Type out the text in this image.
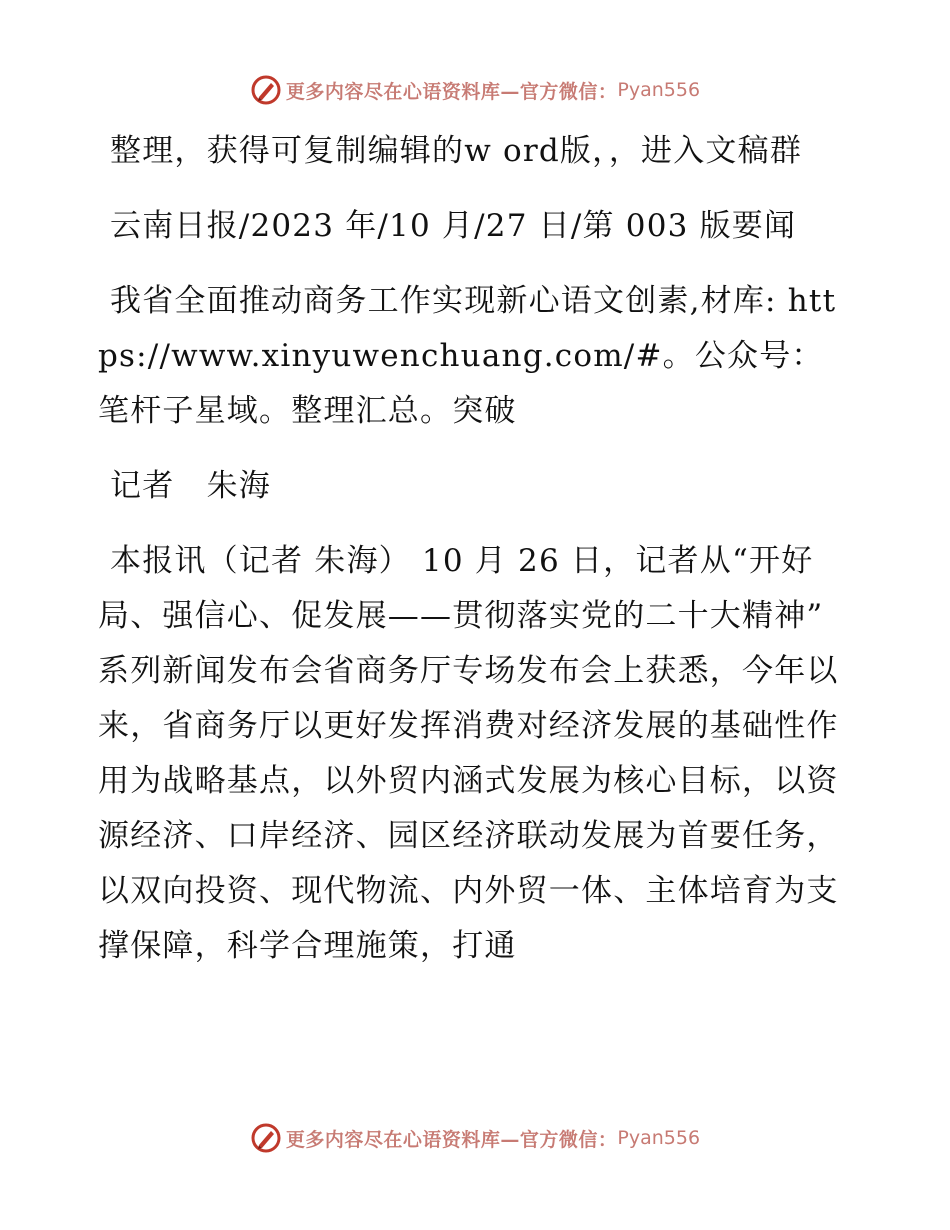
更多内容尽在心语资料库—官方微信： Pyan556

整理，获得可复制编辑的w ord版，，进入文稿群

云南日报/2023 年/10 月/27 日/第 003 版要闻

我省全面推动商务工作实现新心语文创素,材库: https://www.xinyuwenchuang.com/#。公众号：笔杆子星域。整理汇总。突破

记者　朱海

本报讯（记者 朱海） 10 月 26 日，记者从“开好局、强信心、促发展——贯彻落实党的二十大精神” 系列新闻发布会省商务厅专场发布会上获悉，今年以来，省商务厅以更好发挥消费对经济发展的基础性作用为战略基点，以外贸内涵式发展为核心目标，以资源经济、口岸经济、园区经济联动发展为首要任务，以双向投资、现代物流、内外贸一体、主体培育为支撑保障，科学合理施策，打通

更多内容尽在心语资料库—官方微信： Pyan556
